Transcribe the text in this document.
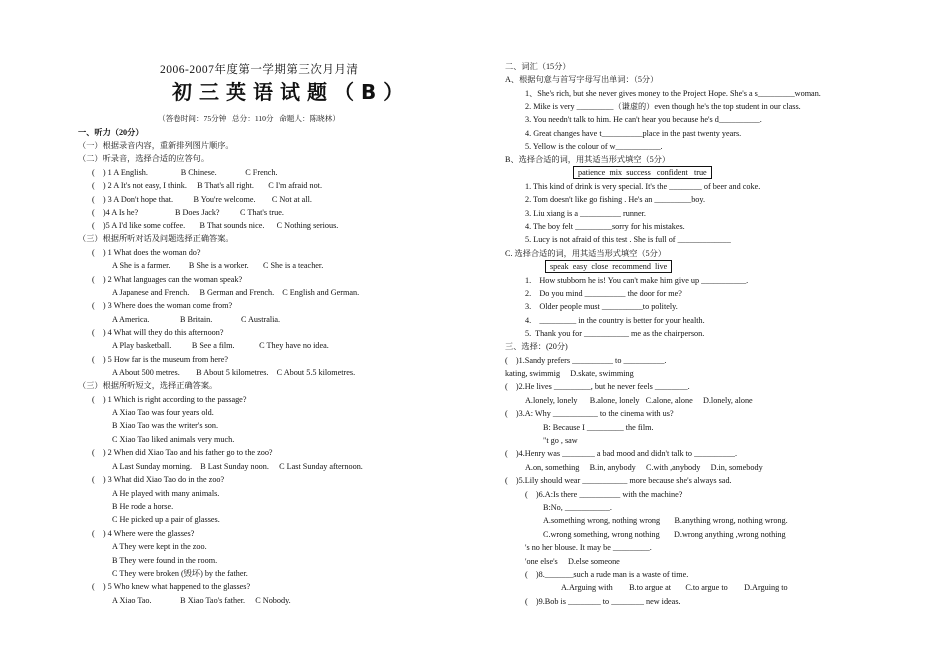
2006-2007年度第一学期第三次月月清
初三英语试题（B）
（答卷时间：75分钟   总分：110分   命题人：陈晓林）
一、听力（20分）
（一）根据录音内容，重新排列图片顺序。
（二）听录音，选择合适的应答句。
(    ) 1 A English.                B Chinese.              C French.
(    ) 2 A It's not easy, I think.     B That's all right.       C I'm afraid not.
(    ) 3 A Don't hope that.          B You're welcome.        C Not at all.
(    )4 A Is he?                  B Does Jack?          C That's true.
(    )5 A I'd like some coffee.       B That sounds nice.      C Nothing serious.
（三）根据所听对话及问题选择正确答案。
(    ) 1 What does the woman do?
A She is a farmer.         B She is a worker.       C She is a teacher.
(    ) 2 What languages can the woman speak?
A Japanese and French.     B German and French.    C English and German.
(    ) 3 Where does the woman come from?
A America.               B Britain.              C Australia.
(    ) 4 What will they do this afternoon?
A Play basketball.          B See a film.            C They have no idea.
(    ) 5 How far is the museum from here?
A About 500 metres.        B About 5 kilometres.    C About 5.5 kilometres.
（三）根据所听短文，选择正确答案。
(    ) 1 Which is right according to the passage?
A Xiao Tao was four years old.
B Xiao Tao was the writer's son.
C Xiao Tao liked animals very much.
(    ) 2 When did Xiao Tao and his father go to the zoo?
A Last Sunday morning.    B Last Sunday noon.     C Last Sunday afternoon.
(    ) 3 What did Xiao Tao do in the zoo?
A He played with many animals.
B He rode a horse.
C He picked up a pair of glasses.
(    ) 4 Where were the glasses?
A They were kept in the zoo.
B They were found in the room.
C They were broken (毁坏) by the father.
(    ) 5 Who knew what happened to the glasses?
A Xiao Tao.              B Xiao Tao's father.     C Nobody.
二、词汇（15分）
A、根据句意与首写字母写出单词：（5分）
1、She's rich, but she never gives money to the Project Hope. She's a s_________woman.
2. Mike is very _________（谦虚的）even though he's the top student in our class.
3. You needn't talk to him. He can't hear you because he's d__________.
4. Great changes have t__________place in the past twenty years.
5. Yellow is the colour of w___________.
B、选择合适的词，用其适当形式填空（5分）
patience  mix  success   confident   true
1. This kind of drink is very special. It's the ________ of beer and coke.
2. Tom doesn't like go fishing . He's an _________boy.
3. Liu xiang is a __________ runner.
4. The boy felt _________sorry for his mistakes.
5. Lucy is not afraid of this test . She is full of _____________
C. 选择合适的词，用其适当形式填空（5分）
speak  easy  close  recommend  live
1.    How stubborn he is! You can't make him give up ___________.
2.    Do you mind __________ the door for me?
3.    Older people must __________to politely.
4.    _________ in the country is better for your health.
5.  Thank you for ___________ me as the chairperson.
三、选择：(20分)
(    )1.Sandy prefers __________ to __________.
kating, swimmig     D.skate, swimming
(    )2.He lives _________, but he never feels ________.
A.lonely, lonely      B.alone, lonely   C.alone, alone     D.lonely, alone
(    )3.A: Why ___________ to the cinema with us?
B: Because I _________ the film.
"t go , saw
(    )4.Henry was ________ a bad mood and didn't talk to __________.
A.on, something     B.in, anybody     C.with ,anybody     D.in, somebody
(    )5.Lily should wear ___________ more because she's always sad.
(    )6.A:Is there __________ with the machine?
B:No, ___________.
A.something wrong, nothing wrong       B.anything wrong, nothing wrong.
C.wrong something, wrong nothing       D.wrong anything ,wrong nothing
's no her blouse. It may be _________.
'one else's     D.else someone
(    )8._______such a rude man is a waste of time.
A.Arguing with        B.to argue at       C.to argue to        D.Arguing to
(    )9.Bob is ________ to ________ new ideas.
